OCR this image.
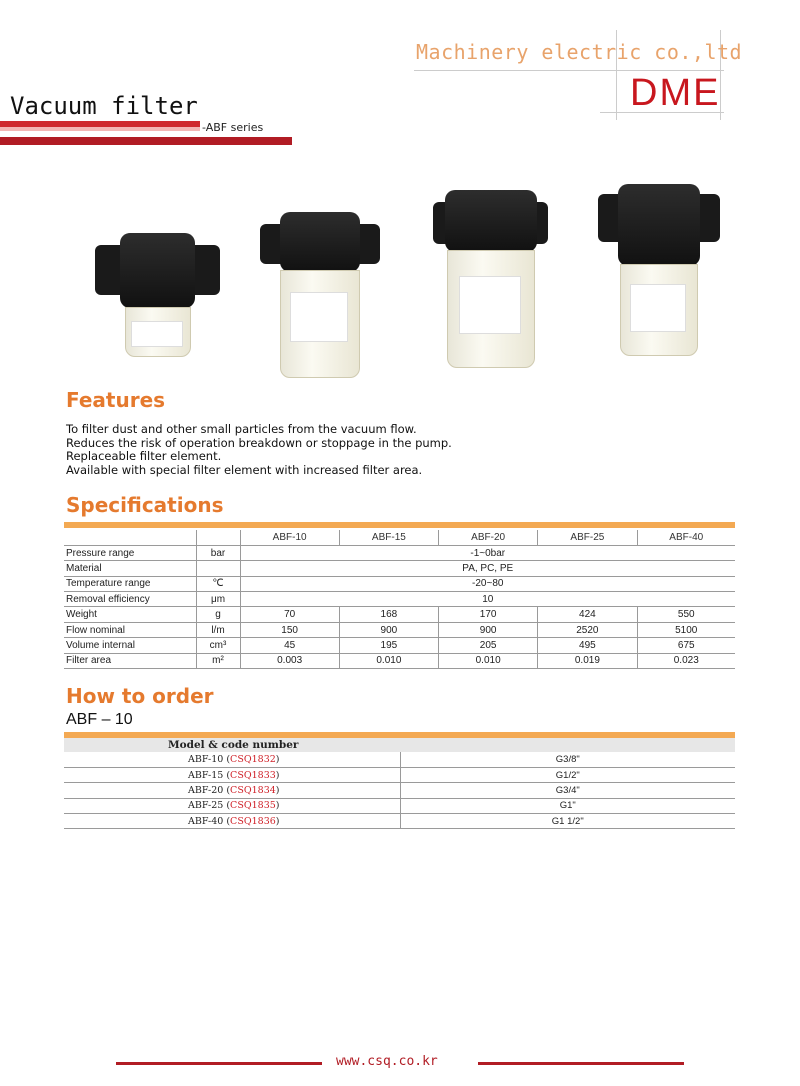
Machinery electric co.,ltd
DME
Vacuum filter
-ABF series
Features
To filter dust and other small particles from the vacuum flow.
Reduces the risk of operation breakdown or stoppage in the pump.
Replaceable filter element.
Available with special filter element with increased filter area.
Specifications
		ABF-10	ABF-15	ABF-20	ABF-25	ABF-40
Pressure range	bar	-1~0bar				
Material		PA, PC, PE				
Temperature range	℃	-20~80				
Removal efficiency	μm	10				
Weight	g	70	168	170	424	550
Flow nominal	l/m	150	900	900	2520	5100
Volume internal	cm³	45	195	205	495	675
Filter area	m²	0.003	0.010	0.010	0.019	0.023
How to order
ABF – 10
Model & code number	
ABF-10 (CSQ1832)	G3/8"
ABF-15 (CSQ1833)	G1/2"
ABF-20 (CSQ1834)	G3/4"
ABF-25 (CSQ1835)	G1"
ABF-40 (CSQ1836)	G1 1/2"
www.csq.co.kr
